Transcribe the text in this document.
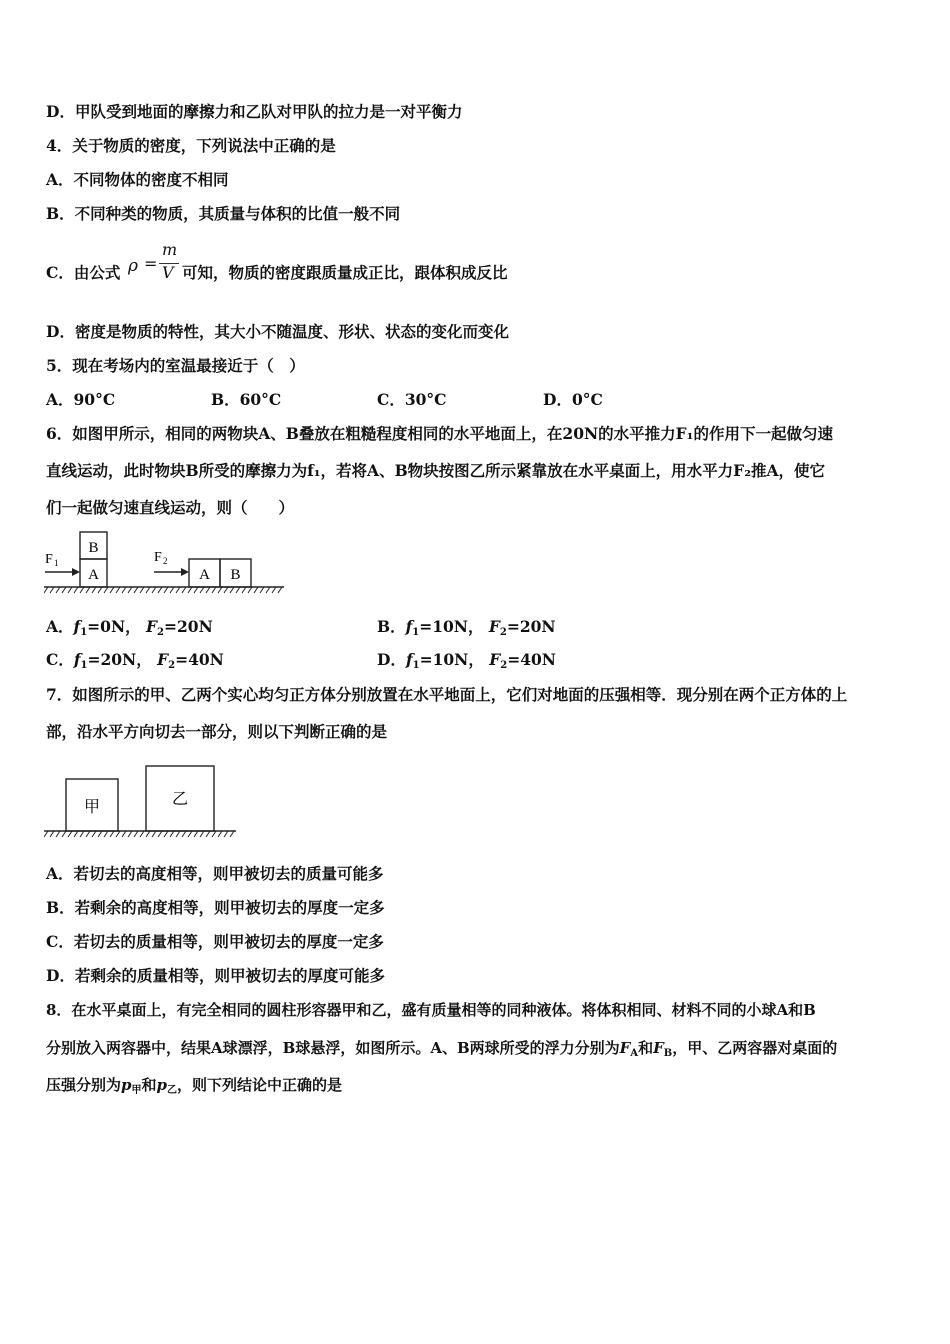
D．甲队受到地面的摩擦力和乙队对甲队的拉力是一对平衡力
4．关于物质的密度，下列说法中正确的是
A．不同物体的密度不相同
B．不同种类的物质，其质量与体积的比值一般不同
C．由公式 ρ =
m
V 可知，物质的密度跟质量成正比，跟体积成反比
D．密度是物质的特性，其大小不随温度、形状、状态的变化而变化
5．现在考场内的室温最接近于（　）
A．90°C	B．60°C	C．30°C	D．0°C
6．如图甲所示，相同的两物块A、B叠放在粗糙程度相同的水平地面上，在20N的水平推力F₁的作用下一起做匀速
直线运动，此时物块B所受的摩擦力为f₁，若将A、B物块按图乙所示紧靠放在水平桌面上，用水平力F₂推A，使它
们一起做匀速直线运动，则（　　）
B
A
F 1
A B
F 2
A．$f_1=0N$， $F_2=20N$	B．$f_1=10N$， $F_2=20N$
C．$f_1=20N$， $F_2=40N$	D．$f_1=10N$， $F_2=40N$
7．如图所示的甲、乙两个实心均匀正方体分别放置在水平地面上，它们对地面的压强相等．现分别在两个正方体的上
部，沿水平方向切去一部分，则以下判断正确的是
甲	乙
A．若切去的高度相等，则甲被切去的质量可能多
B．若剩余的高度相等，则甲被切去的厚度一定多
C．若切去的质量相等，则甲被切去的厚度一定多
D．若剩余的质量相等，则甲被切去的厚度可能多
8．在水平桌面上，有完全相同的圆柱形容器甲和乙，盛有质量相等的同种液体。将体积相同、材料不同的小球A和B
分别放入两容器中，结果A球漂浮，B球悬浮，如图所示。A、B两球所受的浮力分别为$F_A$和$F_B$，甲、乙两容器对桌面的
压强分别为$p_甲$和$p_乙$，则下列结论中正确的是
